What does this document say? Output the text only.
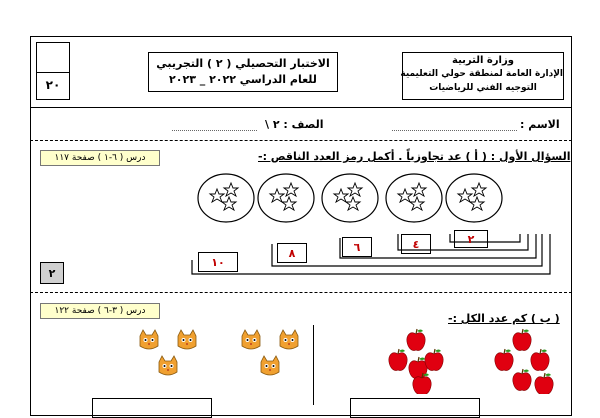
٢٠
الاختبار التحصيلي ( ٢ ) التجريبي
للعام الدراسي ٢٠٢٢ _ ٢٠٢٣
وزارة التربية
الإدارة العامة لمنطقة حولي التعليمية
التوجيه الفني للرياضيات
الاسم :
الصف : ٢ \
السؤال الأول : ( أ ) عد تجاوزياً . أكمل رمز العدد الناقص :-
درس ( ٦-١ ) صفحة ١١٧
٢
٤
٦
٨
١٠
٢
درس ( ٣-٦ ) صفحة ١٢٢
( ب ) كم عدد الكل :-
